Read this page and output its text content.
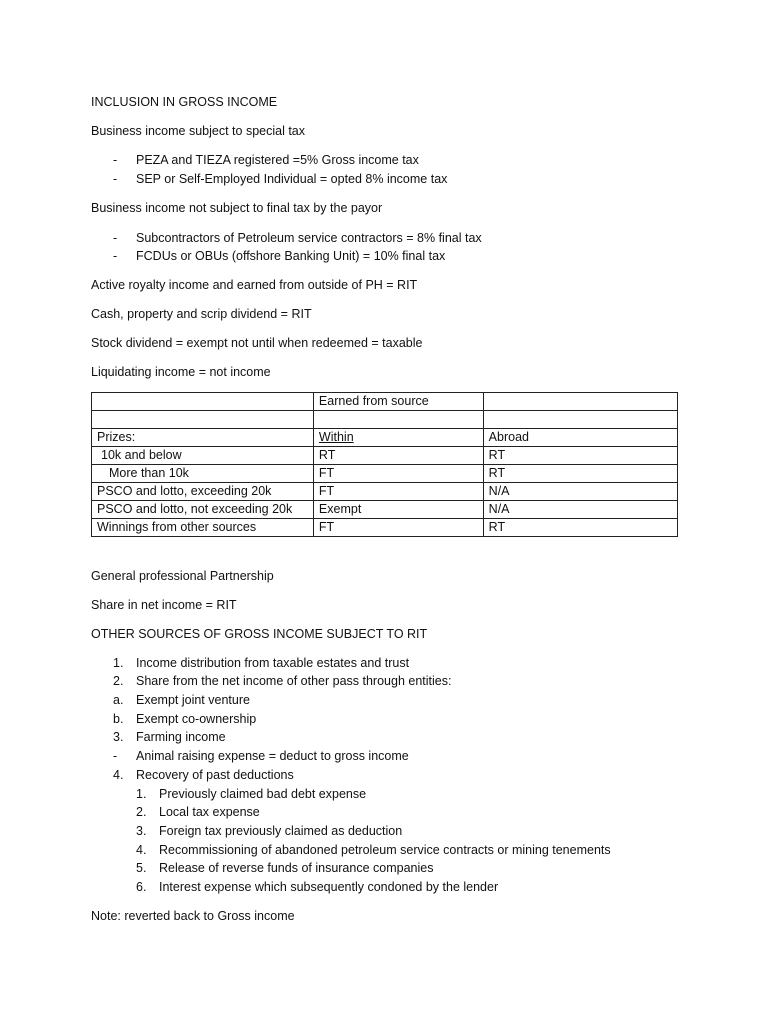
INCLUSION IN GROSS INCOME
Business income subject to special tax
- PEZA and TIEZA registered =5% Gross income tax
- SEP or Self-Employed Individual = opted 8% income tax
Business income not subject to final tax by the payor
- Subcontractors of Petroleum service contractors = 8% final tax
- FCDUs or OBUs (offshore Banking Unit) = 10% final tax
Active royalty income and earned from outside of PH = RIT
Cash, property and scrip dividend = RIT
Stock dividend = exempt not until when redeemed = taxable
Liquidating income = not income
	Earned from source	

Prizes:	Within	Abroad
10k and below	RT	RT
More than 10k	FT	RT
PSCO and lotto, exceeding 20k	FT	N/A
PSCO and lotto, not exceeding 20k	Exempt	N/A
Winnings from other sources	FT	RT
General professional Partnership
Share in net income = RIT
OTHER SOURCES OF GROSS INCOME SUBJECT TO RIT
1. Income distribution from taxable estates and trust
2. Share from the net income of other pass through entities:
a. Exempt joint venture
b. Exempt co-ownership
3. Farming income
- Animal raising expense = deduct to gross income
4. Recovery of past deductions
1. Previously claimed bad debt expense
2. Local tax expense
3. Foreign tax previously claimed as deduction
4. Recommissioning of abandoned petroleum service contracts or mining tenements
5. Release of reverse funds of insurance companies
6. Interest expense which subsequently condoned by the lender
Note: reverted back to Gross income
